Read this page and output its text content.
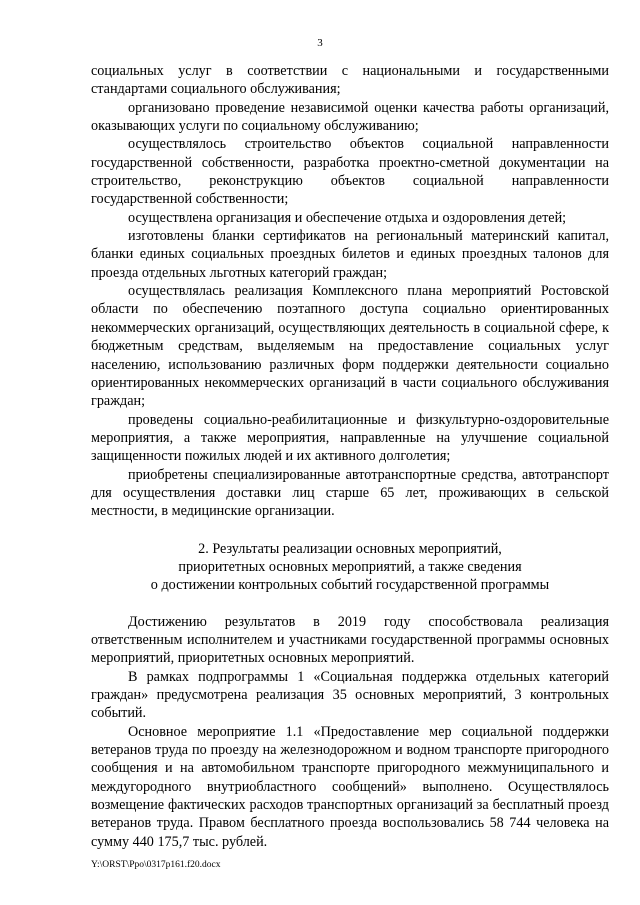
3

социальных услуг в соответствии с национальными и государственными стандартами социального обслуживания;

организовано проведение независимой оценки качества работы организаций, оказывающих услуги по социальному обслуживанию;

осуществлялось строительство объектов социальной направленности государственной собственности, разработка проектно-сметной документации на строительство, реконструкцию объектов социальной направленности государственной собственности;

осуществлена организация и обеспечение отдыха и оздоровления детей;

изготовлены бланки сертификатов на региональный материнский капитал, бланки единых социальных проездных билетов и единых проездных талонов для проезда отдельных льготных категорий граждан;

осуществлялась реализация Комплексного плана мероприятий Ростовской области по обеспечению поэтапного доступа социально ориентированных некоммерческих организаций, осуществляющих деятельность в социальной сфере, к бюджетным средствам, выделяемым на предоставление социальных услуг населению, использованию различных форм поддержки деятельности социально ориентированных некоммерческих организаций в части социального обслуживания граждан;

проведены социально-реабилитационные и физкультурно-оздоровительные мероприятия, а также мероприятия, направленные на улучшение социальной защищенности пожилых людей и их активного долголетия;

приобретены специализированные автотранспортные средства, автотранспорт для осуществления доставки лиц старше 65 лет, проживающих в сельской местности, в медицинские организации.

2. Результаты реализации основных мероприятий,
приоритетных основных мероприятий, а также сведения
о достижении контрольных событий государственной программы

Достижению результатов в 2019 году способствовала реализация ответственным исполнителем и участниками государственной программы основных мероприятий, приоритетных основных мероприятий.

В рамках подпрограммы 1 «Социальная поддержка отдельных категорий граждан» предусмотрена реализация 35 основных мероприятий, 3 контрольных событий.

Основное мероприятие 1.1 «Предоставление мер социальной поддержки ветеранов труда по проезду на железнодорожном и водном транспорте пригородного сообщения и на автомобильном транспорте пригородного межмуниципального и междугородного внутриобластного сообщений» выполнено. Осуществлялось возмещение фактических расходов транспортных организаций за бесплатный проезд ветеранов труда. Правом бесплатного проезда воспользовались 58 744 человека на сумму 440 175,7 тыс. рублей.

Y:\ORST\Ppo\0317p161.f20.docx
